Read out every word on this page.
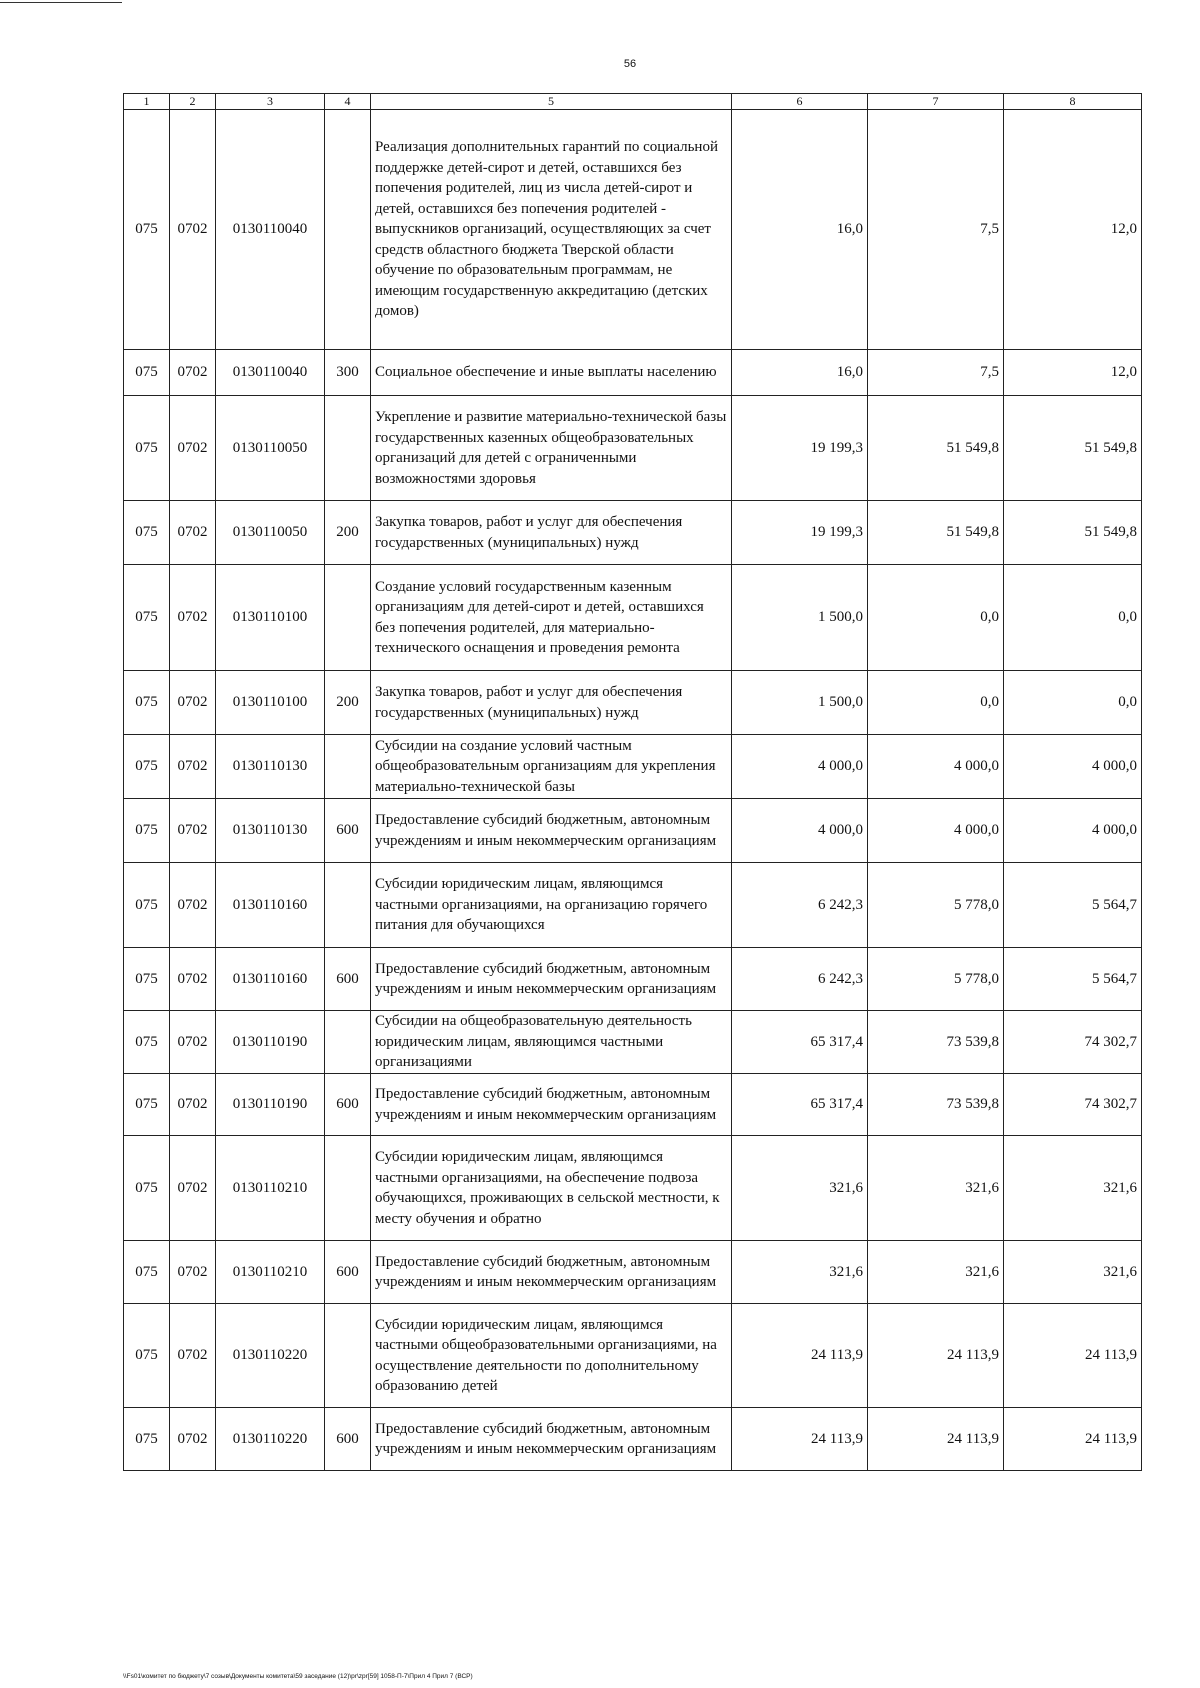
56
1	2	3	4	5	6	7	8
075	0702	0130110040		Реализация дополнительных гарантий по социальной поддержке детей-сирот и детей, оставшихся без попечения родителей, лиц из числа детей-сирот и детей, оставшихся без попечения родителей - выпускников организаций, осуществляющих за счет средств областного бюджета Тверской области обучение по образовательным программам, не имеющим государственную аккредитацию (детских домов)	16,0	7,5	12,0
075	0702	0130110040	300	Социальное обеспечение и иные выплаты населению	16,0	7,5	12,0
075	0702	0130110050		Укрепление и развитие материально-технической базы государственных казенных общеобразовательных организаций для детей с ограниченными возможностями здоровья	19 199,3	51 549,8	51 549,8
075	0702	0130110050	200	Закупка товаров, работ и услуг для обеспечения государственных (муниципальных) нужд	19 199,3	51 549,8	51 549,8
075	0702	0130110100		Создание условий государственным казенным организациям для детей-сирот и детей, оставшихся без попечения родителей, для материально-технического оснащения и проведения ремонта	1 500,0	0,0	0,0
075	0702	0130110100	200	Закупка товаров, работ и услуг для обеспечения государственных (муниципальных) нужд	1 500,0	0,0	0,0
075	0702	0130110130		Субсидии на создание условий частным общеобразовательным организациям для укрепления материально-технической базы	4 000,0	4 000,0	4 000,0
075	0702	0130110130	600	Предоставление субсидий бюджетным, автономным учреждениям и иным некоммерческим организациям	4 000,0	4 000,0	4 000,0
075	0702	0130110160		Субсидии юридическим лицам, являющимся частными организациями, на организацию горячего питания для обучающихся	6 242,3	5 778,0	5 564,7
075	0702	0130110160	600	Предоставление субсидий бюджетным, автономным учреждениям и иным некоммерческим организациям	6 242,3	5 778,0	5 564,7
075	0702	0130110190		Субсидии на общеобразовательную деятельность юридическим лицам, являющимся частными организациями	65 317,4	73 539,8	74 302,7
075	0702	0130110190	600	Предоставление субсидий бюджетным, автономным учреждениям и иным некоммерческим организациям	65 317,4	73 539,8	74 302,7
075	0702	0130110210		Субсидии юридическим лицам, являющимся частными организациями, на обеспечение подвоза обучающихся, проживающих в сельской местности, к месту обучения и обратно	321,6	321,6	321,6
075	0702	0130110210	600	Предоставление субсидий бюджетным, автономным учреждениям и иным некоммерческим организациям	321,6	321,6	321,6
075	0702	0130110220		Субсидии юридическим лицам, являющимся частными общеобразовательными организациями, на осуществление деятельности по дополнительному образованию детей	24 113,9	24 113,9	24 113,9
075	0702	0130110220	600	Предоставление субсидий бюджетным, автономным учреждениям и иным некоммерческим организациям	24 113,9	24 113,9	24 113,9
\\Fs01\комитет по бюджету\7 созыв\Документы комитета\59 заседание (12)\pr\zpr[59] 1058-П-7\Прил 4 Прил 7 (ВСР)
